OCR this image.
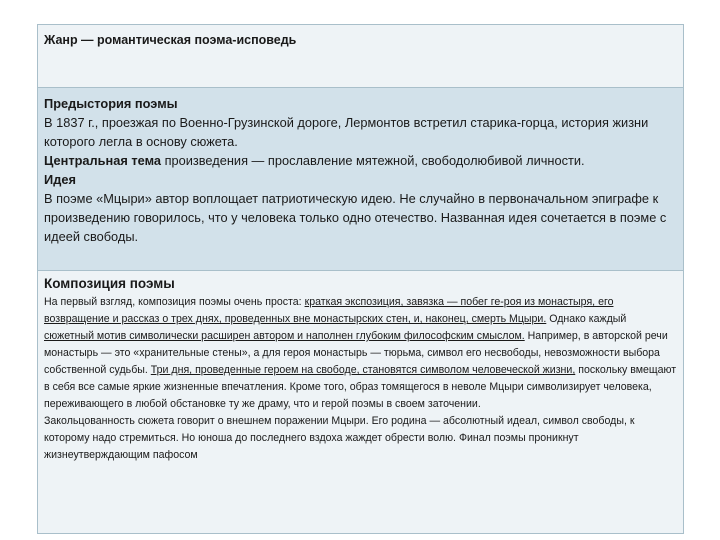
Жанр — романтическая поэма-исповедь

Предыстория поэмы

В 1837 г., проезжая по Военно-Грузинской дороге, Лермонтов встретил старика-горца, история жизни которого легла в основу сюжета.

Центральная тема произведения — прославление мятежной, свободолюбивой личности.

Идея

В поэме «Мцыри» автор воплощает патриотическую идею. Не случайно в первоначальном эпиграфе к произведению говорилось, что у человека только одно отечество. Названная идея сочетается в поэме с идеей свободы.

Композиция поэмы

На первый взгляд, композиция поэмы очень проста: краткая экспозиция, завязка — побег ге-роя из монастыря, его возвращение и рассказ о трех днях, проведенных вне монастырских стен, и, наконец, смерть Мцыри. Однако каждый сюжетный мотив символически расширен автором и наполнен глубоким философским смыслом. Например, в авторской речи монастырь — это «хранительные стены», а для героя монастырь — тюрьма, символ его несвободы, невозможности выбора собственной судьбы. Три дня, проведенные героем на свободе, становятся символом человеческой жизни, поскольку вмещают в себя все самые яркие жизненные впечатления. Кроме того, образ томящегося в неволе Мцыри символизирует человека, переживающего в любой обстановке ту же драму, что и герой поэмы в своем заточении.

Закольцованность сюжета говорит о внешнем поражении Мцыри. Его родина — абсолютный идеал, символ свободы, к которому надо стремиться. Но юноша до последнего вздоха жаждет обрести волю. Финал поэмы проникнут жизнеутверждающим пафосом
